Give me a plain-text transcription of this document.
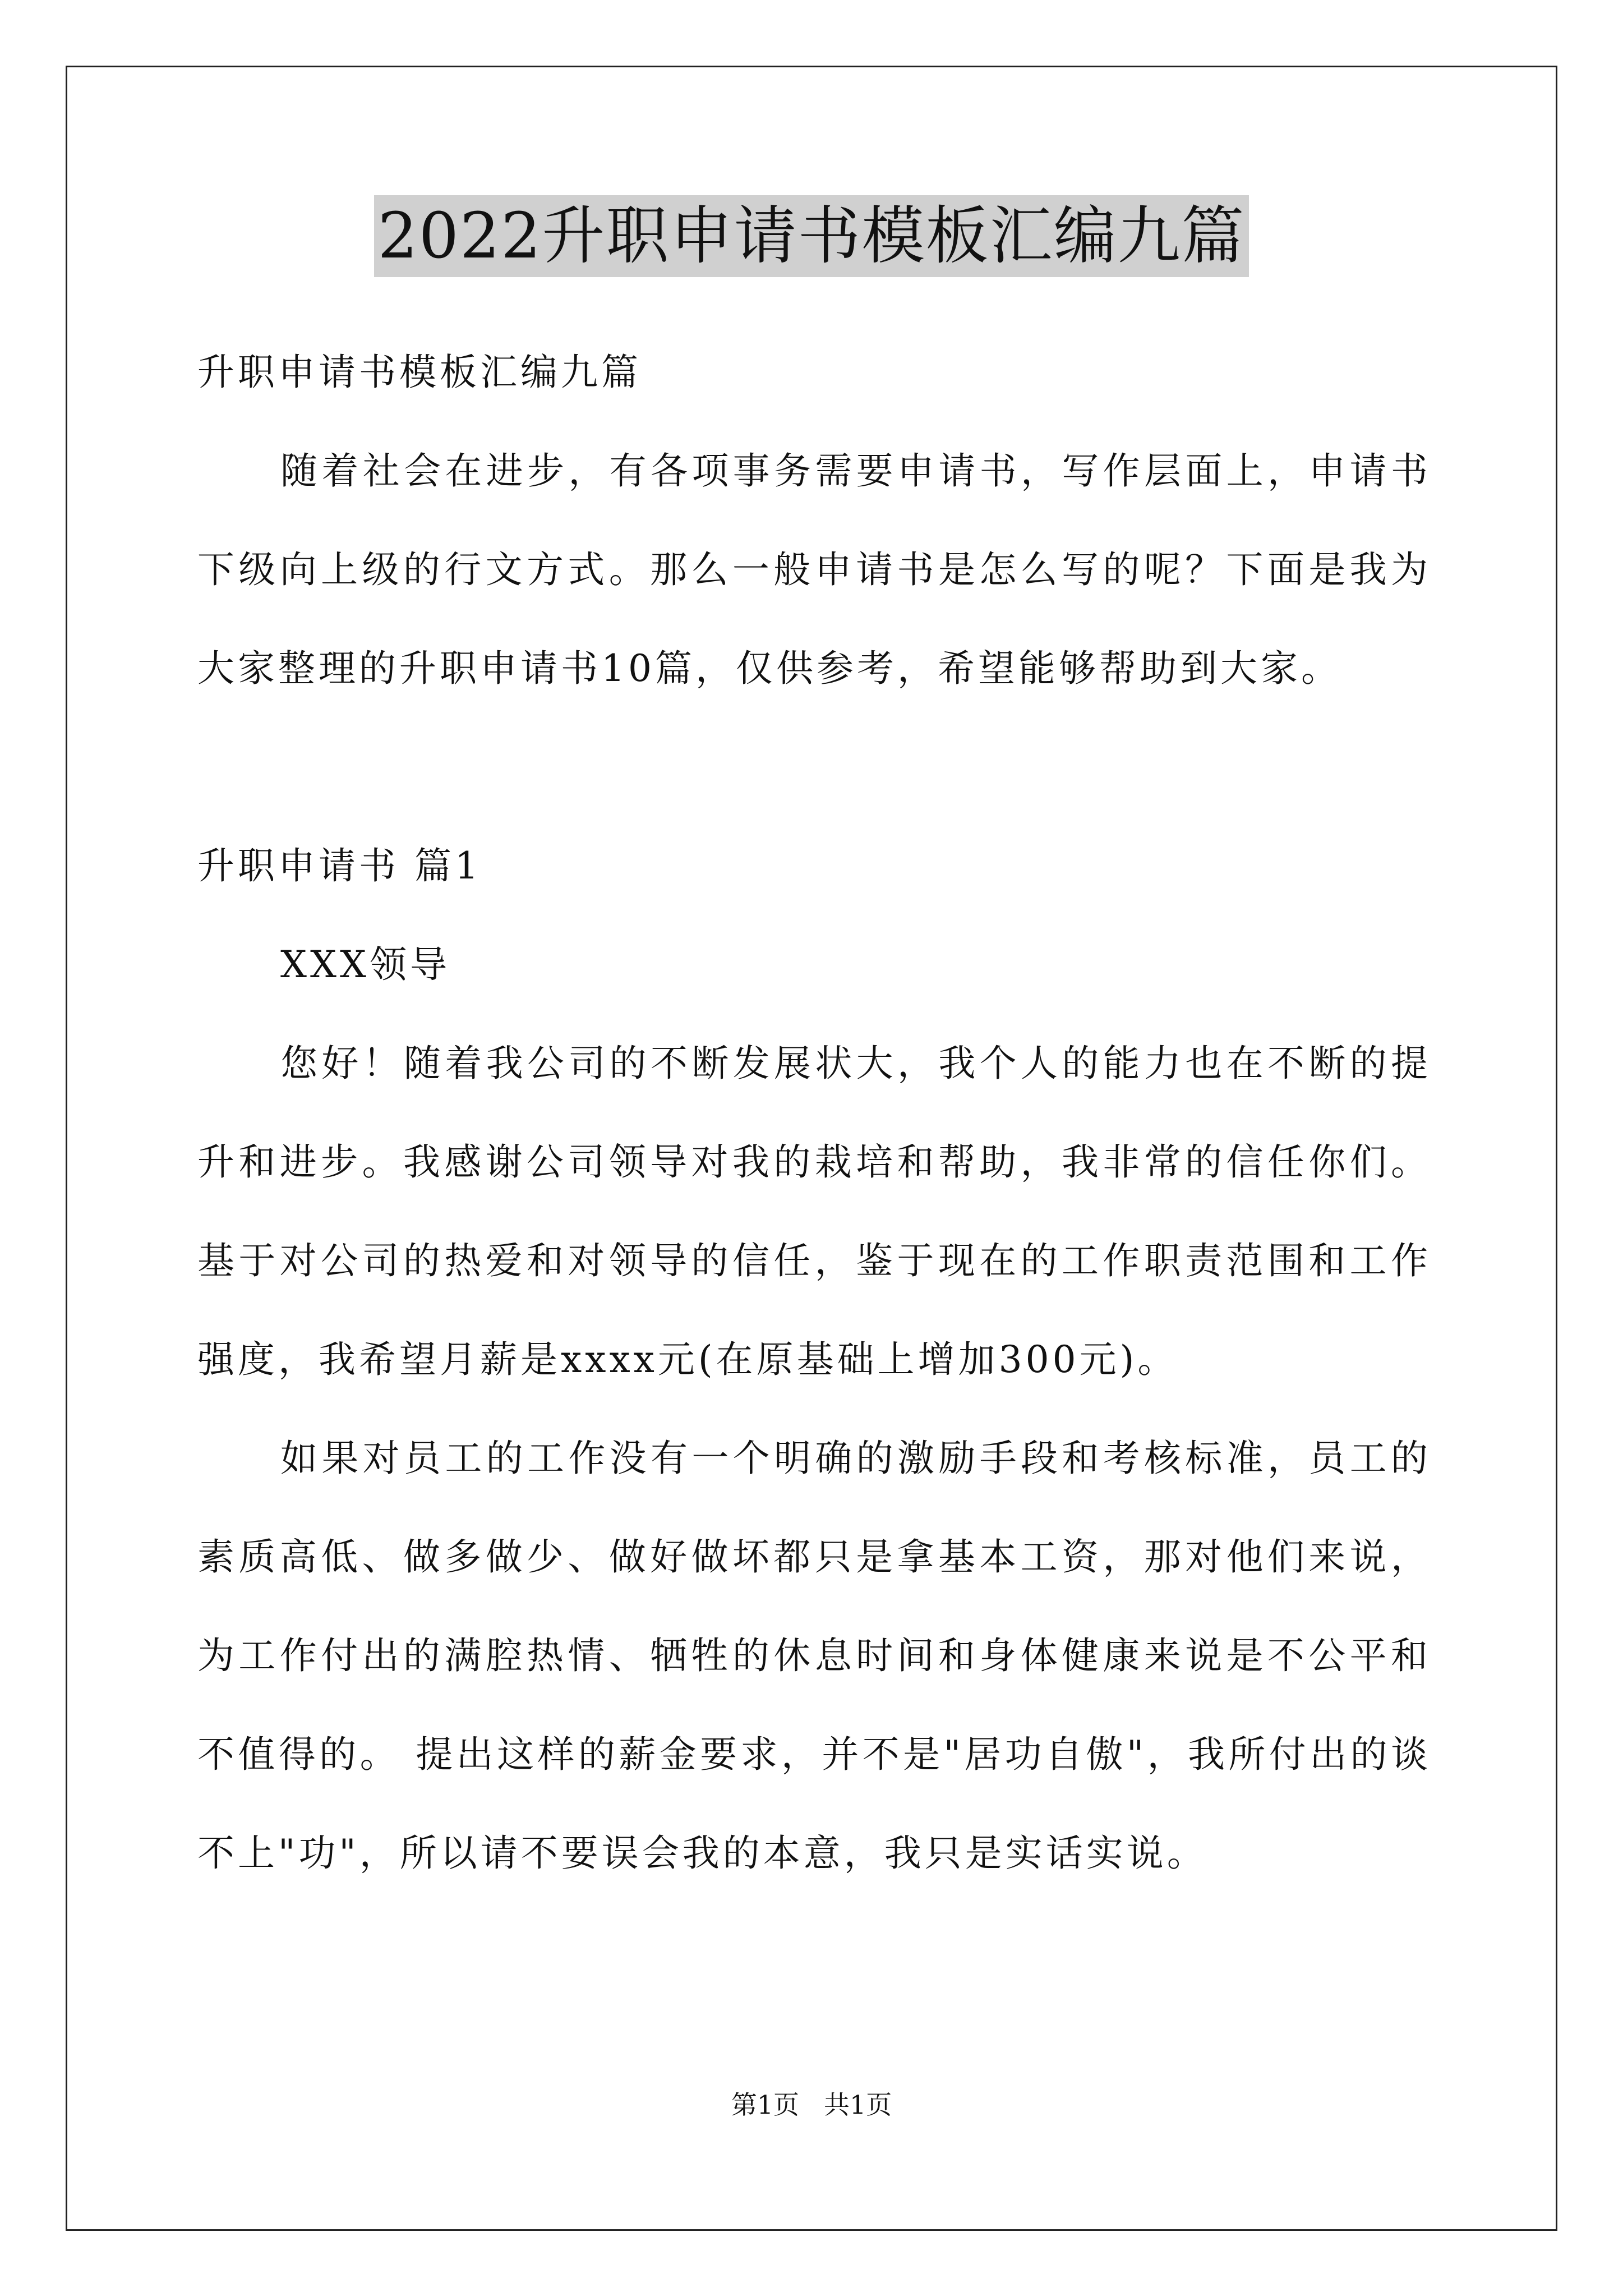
2022升职申请书模板汇编九篇

升职申请书模板汇编九篇

随着社会在进步，有各项事务需要申请书，写作层面上，申请书下级向上级的行文方式。那么一般申请书是怎么写的呢？下面是我为大家整理的升职申请书10篇，仅供参考，希望能够帮助到大家。

升职申请书 篇1

XXX领导

您好！随着我公司的不断发展状大，我个人的能力也在不断的提升和进步。我感谢公司领导对我的栽培和帮助，我非常的信任你们。基于对公司的热爱和对领导的信任，鉴于现在的工作职责范围和工作强度，我希望月薪是xxxx元(在原基础上增加300元)。

如果对员工的工作没有一个明确的激励手段和考核标准，员工的素质高低、做多做少、做好做坏都只是拿基本工资，那对他们来说，为工作付出的满腔热情、牺牲的休息时间和身体健康来说是不公平和不值得的。 提出这样的薪金要求，并不是"居功自傲"，我所付出的谈不上"功"，所以请不要误会我的本意，我只是实话实说。

第1页 共1页
